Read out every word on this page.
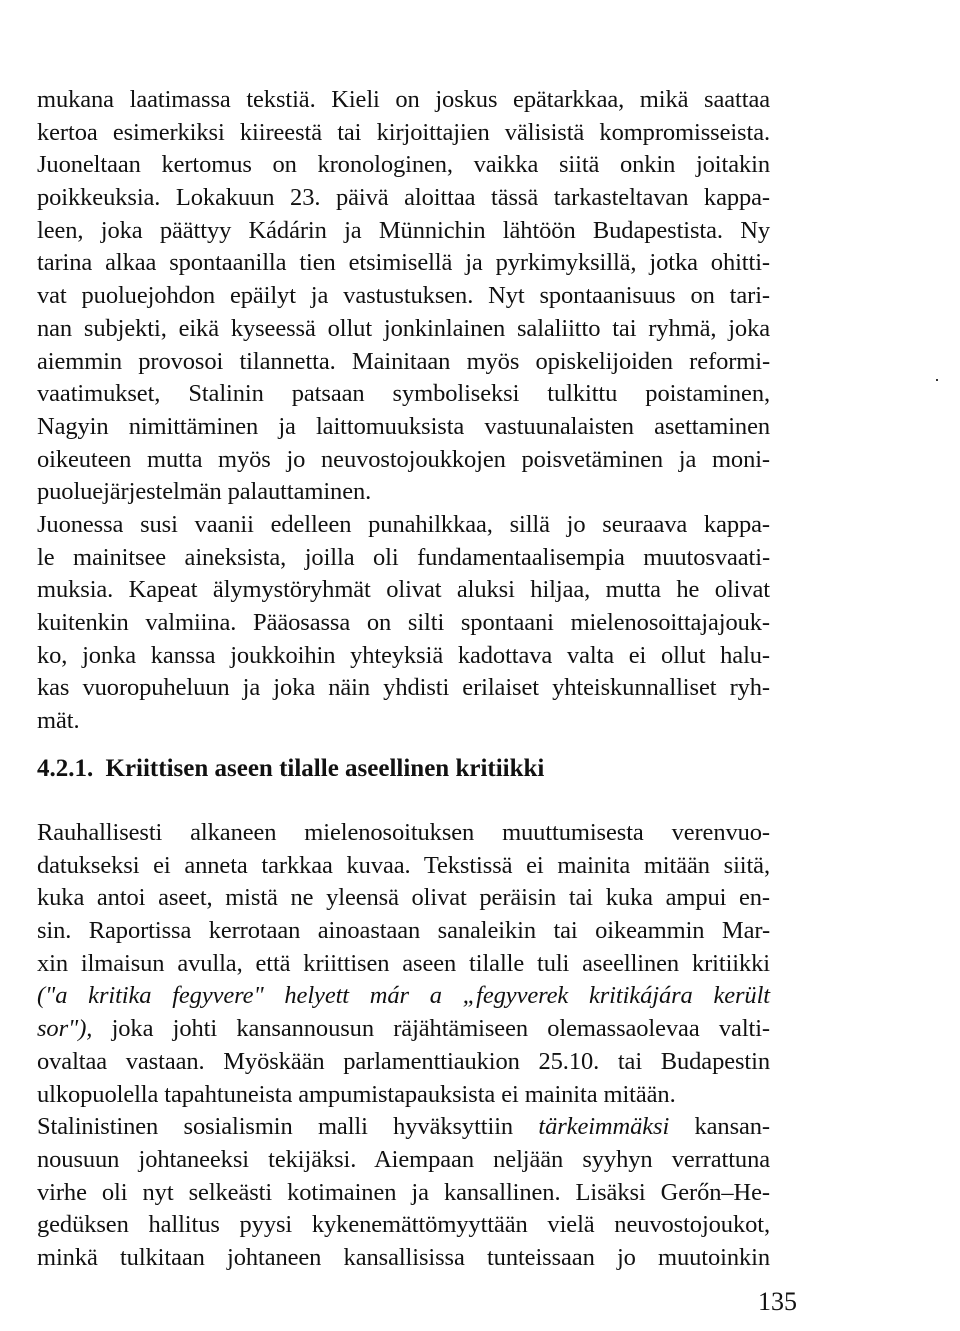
mukana laatimassa tekstiä. Kieli on joskus epätarkkaa, mikä saattaa
kertoa esimerkiksi kiireestä tai kirjoittajien välisistä kompromisseista.
Juoneltaan kertomus on kronologinen, vaikka siitä onkin joitakin
poikkeuksia. Lokakuun 23. päivä aloittaa tässä tarkasteltavan kappa-
leen, joka päättyy Kádárin ja Münnichin lähtöön Budapestista. Ny
tarina alkaa spontaanilla tien etsimisellä ja pyrkimyksillä, jotka ohitti-
vat puoluejohdon epäilyt ja vastustuksen. Nyt spontaanisuus on tari-
nan subjekti, eikä kyseessä ollut jonkinlainen salaliitto tai ryhmä, joka
aiemmin provosoi tilannetta. Mainitaan myös opiskelijoiden reformi-
vaatimukset, Stalinin patsaan symboliseksi tulkittu poistaminen,
Nagyin nimittäminen ja laittomuuksista vastuunalaisten asettaminen
oikeuteen mutta myös jo neuvostojoukkojen poisvetäminen ja moni-
puoluejärjestelmän palauttaminen.
Juonessa susi vaanii edelleen punahilkkaa, sillä jo seuraava kappa-
le mainitsee aineksista, joilla oli fundamentaalisempia muutosvaati-
muksia. Kapeat älymystöryhmät olivat aluksi hiljaa, mutta he olivat
kuitenkin valmiina. Pääosassa on silti spontaani mielenosoittajajouk-
ko, jonka kanssa joukkoihin yhteyksiä kadottava valta ei ollut halu-
kas vuoropuheluun ja joka näin yhdisti erilaiset yhteiskunnalliset ryh-
mät.
4.2.1. Kriittisen aseen tilalle aseellinen kritiikki
Rauhallisesti alkaneen mielenosoituksen muuttumisesta verenvuo-
datukseksi ei anneta tarkkaa kuvaa. Tekstissä ei mainita mitään siitä,
kuka antoi aseet, mistä ne yleensä olivat peräisin tai kuka ampui en-
sin. Raportissa kerrotaan ainoastaan sanaleikin tai oikeammin Mar-
xin ilmaisun avulla, että kriittisen aseen tilalle tuli aseellinen kritiikki
("a kritika fegyvere" helyett már a „fegyverek kritikájára került
sor"), joka johti kansannousun räjähtämiseen olemassaolevaa valti-
ovaltaa vastaan. Myöskään parlamenttiaukion 25.10. tai Budapestin
ulkopuolella tapahtuneista ampumistapauksista ei mainita mitään.
Stalinistinen sosialismin malli hyväksyttiin tärkeimmäksi kansan-
nousuun johtaneeksi tekijäksi. Aiempaan neljään syyhyn verrattuna
virhe oli nyt selkeästi kotimainen ja kansallinen. Lisäksi Gerőn–He-
gedüksen hallitus pyysi kykenemättömyyttään vielä neuvostojoukot,
minkä tulkitaan johtaneen kansallisissa tunteissaan jo muutoinkin
135
